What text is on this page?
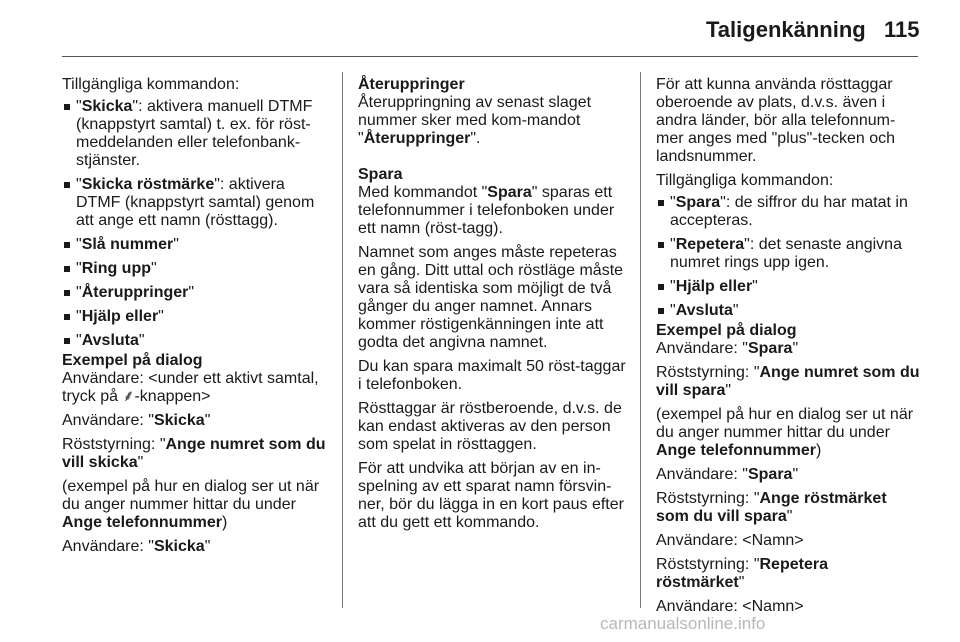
Taligenkänning 115

Tillgängliga kommandon:

"Skicka": aktivera manuell DTMF (knappstyrt samtal) t. ex. för röst-meddelanden eller telefonbank-stjänster.
"Skicka röstmärke": aktivera DTMF (knappstyrt samtal) genom att ange ett namn (rösttagg).
"Slå nummer"
"Ring upp"
"Återuppringer"
"Hjälp eller"
"Avsluta"
Exempel på dialog

Användare: <under ett aktivt samtal, tryck på ⸙-knappen>

Användare: "Skicka"

Röststyrning: "Ange numret som du vill skicka"

(exempel på hur en dialog ser ut när du anger nummer hittar du under Ange telefonnummer)

Användare: "Skicka"

Återuppringer

Återuppringning av senast slaget nummer sker med kom-mandot "Återuppringer".

Spara

Med kommandot "Spara" sparas ett telefonnummer i telefonboken under ett namn (röst-tagg).

Namnet som anges måste repeteras en gång. Ditt uttal och röstläge måste vara så identiska som möjligt de två gånger du anger namnet. Annars kommer röstigenkänningen inte att godta det angivna namnet.

Du kan spara maximalt 50 röst-taggar i telefonboken.

Rösttaggar är röstberoende, d.v.s. de kan endast aktiveras av den person som spelat in rösttaggen.

För att undvika att början av en in-spelning av ett sparat namn försvin-ner, bör du lägga in en kort paus efter att du gett ett kommando.

För att kunna använda rösttaggar oberoende av plats, d.v.s. även i andra länder, bör alla telefonnum-mer anges med "plus"-tecken och landsnummer.

Tillgängliga kommandon:

"Spara": de siffror du har matat in accepteras.
"Repetera": det senaste angivna numret rings upp igen.
"Hjälp eller"
"Avsluta"
Exempel på dialog

Användare: "Spara"

Röststyrning: "Ange numret som du vill spara"

(exempel på hur en dialog ser ut när du anger nummer hittar du under Ange telefonnummer)

Användare: "Spara"

Röststyrning: "Ange röstmärket som du vill spara"

Användare: <Namn>

Röststyrning: "Repetera röstmärket"

Användare: <Namn>

carmanualsonline.info
